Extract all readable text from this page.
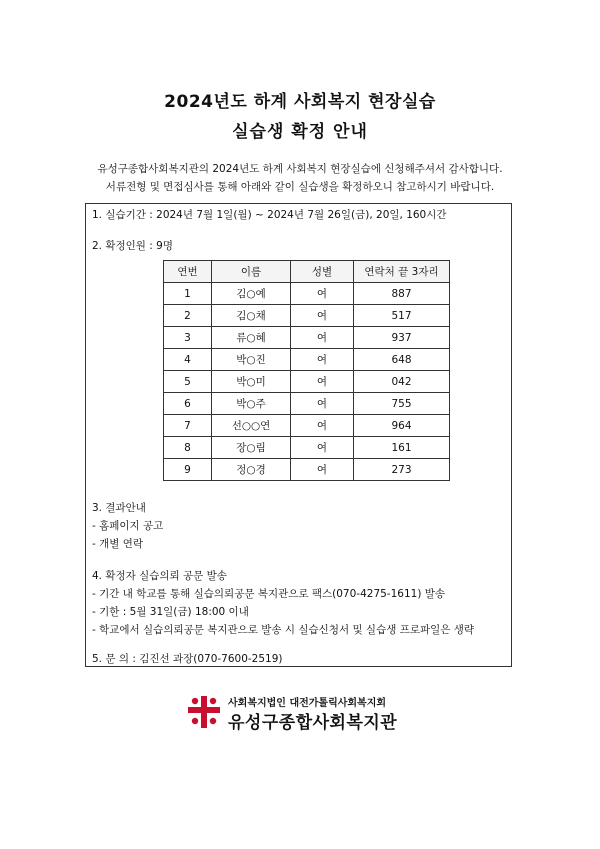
2024년도 하계 사회복지 현장실습
실습생 확정 안내
유성구종합사회복지관의 2024년도 하계 사회복지 현장실습에 신청해주셔서 감사합니다.
서류전형 및 면접심사를 통해 아래와 같이 실습생을 확정하오니 참고하시기 바랍니다.
1. 실습기간 : 2024년 7월 1일(월) ~ 2024년 7월 26일(금), 20일, 160시간
2. 확정인원 : 9명
연번	이름	성별	연락처 끝 3자리
1	김○예	여	887
2	김○채	여	517
3	류○혜	여	937
4	박○진	여	648
5	박○미	여	042
6	박○주	여	755
7	선○○연	여	964
8	장○림	여	161
9	정○경	여	273
3. 결과안내
- 홈페이지 공고
- 개별 연락
4. 확정자 실습의뢰 공문 발송
- 기간 내 학교를 통해 실습의뢰공문 복지관으로 팩스(070-4275-1611) 발송
- 기한 : 5월 31일(금) 18:00 이내
- 학교에서 실습의뢰공문 복지관으로 발송 시 실습신청서 및 실습생 프로파일은 생략
5. 문 의 : 김진선 과장(070-7600-2519)
사회복지법인 대전가톨릭사회복지회
유성구종합사회복지관
